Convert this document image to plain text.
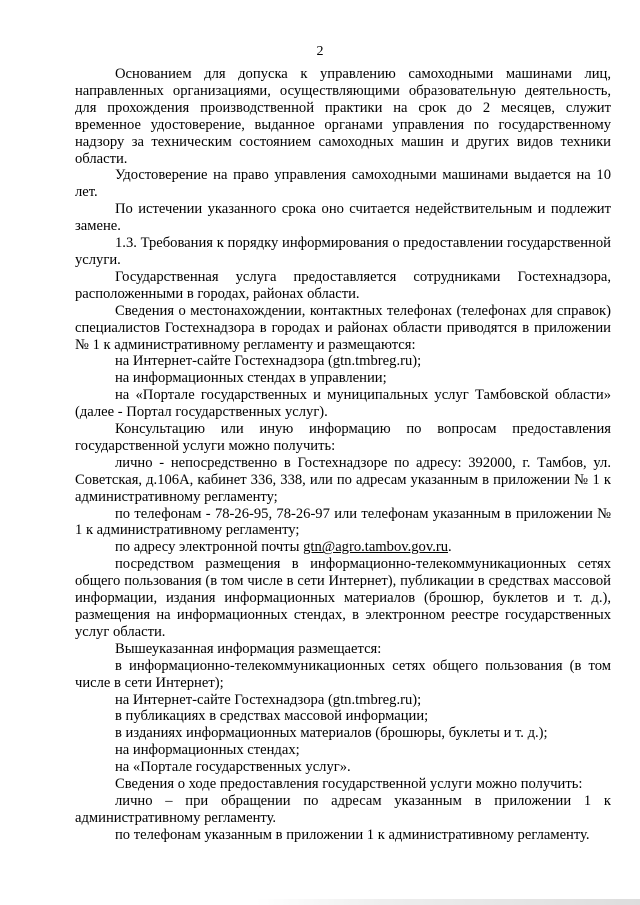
2

Основанием для допуска к управлению самоходными машинами лиц, направленных организациями, осуществляющими образовательную деятельность, для прохождения производственной практики на срок до 2 месяцев, служит временное удостоверение, выданное органами управления по государственному надзору за техническим состоянием самоходных машин и других видов техники области.

Удостоверение на право управления самоходными машинами выдается на 10 лет.

По истечении указанного срока оно считается недействительным и подлежит замене.

1.3. Требования к порядку информирования о предоставлении государственной услуги.

Государственная услуга предоставляется сотрудниками Гостехнадзора, расположенными в городах, районах области.

Сведения о местонахождении, контактных телефонах (телефонах для справок) специалистов Гостехнадзора в городах и районах области приводятся в приложении № 1 к административному регламенту и размещаются:

на Интернет-сайте Гостехнадзора (gtn.tmbreg.ru);

на информационных стендах в управлении;

на «Портале государственных и муниципальных услуг Тамбовской области» (далее - Портал государственных услуг).

Консультацию или иную информацию по вопросам предоставления государственной услуги можно получить:

лично - непосредственно в Гостехнадзоре по адресу: 392000, г. Тамбов, ул. Советская, д.106А, кабинет 336, 338, или по адресам указанным в приложении № 1 к административному регламенту;

по телефонам - 78-26-95, 78-26-97 или телефонам указанным в приложении № 1 к административному регламенту;

по адресу электронной почты gtn@agro.tambov.gov.ru.

посредством размещения в информационно-телекоммуникационных сетях общего пользования (в том числе в сети Интернет), публикации в средствах массовой информации, издания информационных материалов (брошюр, буклетов и т. д.), размещения на информационных стендах, в электронном реестре государственных услуг области.

Вышеуказанная информация размещается:

в информационно-телекоммуникационных сетях общего пользования (в том числе в сети Интернет);

на Интернет-сайте Гостехнадзора (gtn.tmbreg.ru);

в публикациях в средствах массовой информации;

в изданиях информационных материалов (брошюры, буклеты и т. д.);

на информационных стендах;

на «Портале государственных услуг».

Сведения о ходе предоставления государственной услуги можно получить:

лично – при обращении по адресам указанным в приложении 1 к административному регламенту.

по телефонам указанным в приложении 1 к административному регламенту.
